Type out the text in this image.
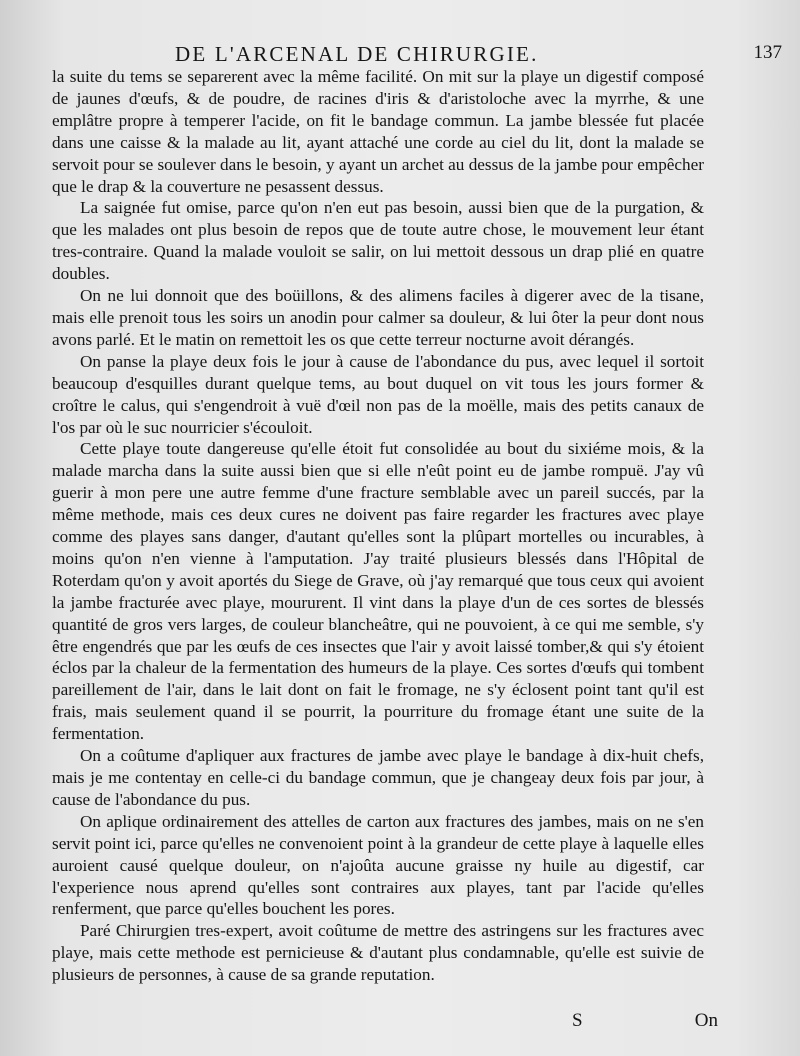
DE L'ARCENAL DE CHIRURGIE.	137

la suite du tems se separerent avec la même facilité. On mit sur la playe un digestif composé de jaunes d'œufs, & de poudre, de racines d'iris & d'aristoloche avec la myrrhe, & une emplâtre propre à temperer l'acide, on fit le bandage commun. La jambe blessée fut placée dans une caisse & la malade au lit, ayant attaché une corde au ciel du lit, dont la malade se servoit pour se soulever dans le besoin, y ayant un archet au dessus de la jambe pour empêcher que le drap & la couverture ne pesassent dessus.

La saignée fut omise, parce qu'on n'en eut pas besoin, aussi bien que de la purgation, & que les malades ont plus besoin de repos que de toute autre chose, le mouvement leur étant tres-contraire. Quand la malade vouloit se salir, on lui mettoit dessous un drap plié en quatre doubles.

On ne lui donnoit que des boüillons, & des alimens faciles à digerer avec de la tisane, mais elle prenoit tous les soirs un anodin pour calmer sa douleur, & lui ôter la peur dont nous avons parlé. Et le matin on remettoit les os que cette terreur nocturne avoit dérangés.

On panse la playe deux fois le jour à cause de l'abondance du pus, avec lequel il sortoit beaucoup d'esquilles durant quelque tems, au bout duquel on vit tous les jours former & croître le calus, qui s'engendroit à vuë d'œil non pas de la moëlle, mais des petits canaux de l'os par où le suc nourricier s'écouloit.

Cette playe toute dangereuse qu'elle étoit fut consolidée au bout du sixiéme mois, & la malade marcha dans la suite aussi bien que si elle n'eût point eu de jambe rompuë. J'ay vû guerir à mon pere une autre femme d'une fracture semblable avec un pareil succés, par la même methode, mais ces deux cures ne doivent pas faire regarder les fractures avec playe comme des playes sans danger, d'autant qu'elles sont la plûpart mortelles ou incurables, à moins qu'on n'en vienne à l'amputation. J'ay traité plusieurs blessés dans l'Hôpital de Roterdam qu'on y avoit aportés du Siege de Grave, où j'ay remarqué que tous ceux qui avoient la jambe fracturée avec playe, moururent. Il vint dans la playe d'un de ces sortes de blessés quantité de gros vers larges, de couleur blancheâtre, qui ne pouvoient, à ce qui me semble, s'y être engendrés que par les œufs de ces insectes que l'air y avoit laissé tomber,& qui s'y étoient éclos par la chaleur de la fermentation des humeurs de la playe. Ces sortes d'œufs qui tombent pareillement de l'air, dans le lait dont on fait le fromage, ne s'y éclosent point tant qu'il est frais, mais seulement quand il se pourrit, la pourriture du fromage étant une suite de la fermentation.

On a coûtume d'apliquer aux fractures de jambe avec playe le bandage à dix-huit chefs, mais je me contentay en celle-ci du bandage commun, que je changeay deux fois par jour, à cause de l'abondance du pus.

On aplique ordinairement des attelles de carton aux fractures des jambes, mais on ne s'en servit point ici, parce qu'elles ne convenoient point à la grandeur de cette playe à laquelle elles auroient causé quelque douleur, on n'ajoûta aucune graisse ny huile au digestif, car l'experience nous aprend qu'elles sont contraires aux playes, tant par l'acide qu'elles renferment, que parce qu'elles bouchent les pores.

Paré Chirurgien tres-expert, avoit coûtume de mettre des astringens sur les fractures avec playe, mais cette methode est pernicieuse & d'autant plus condamnable, qu'elle est suivie de plusieurs de personnes, à cause de sa grande reputation.

S	On
